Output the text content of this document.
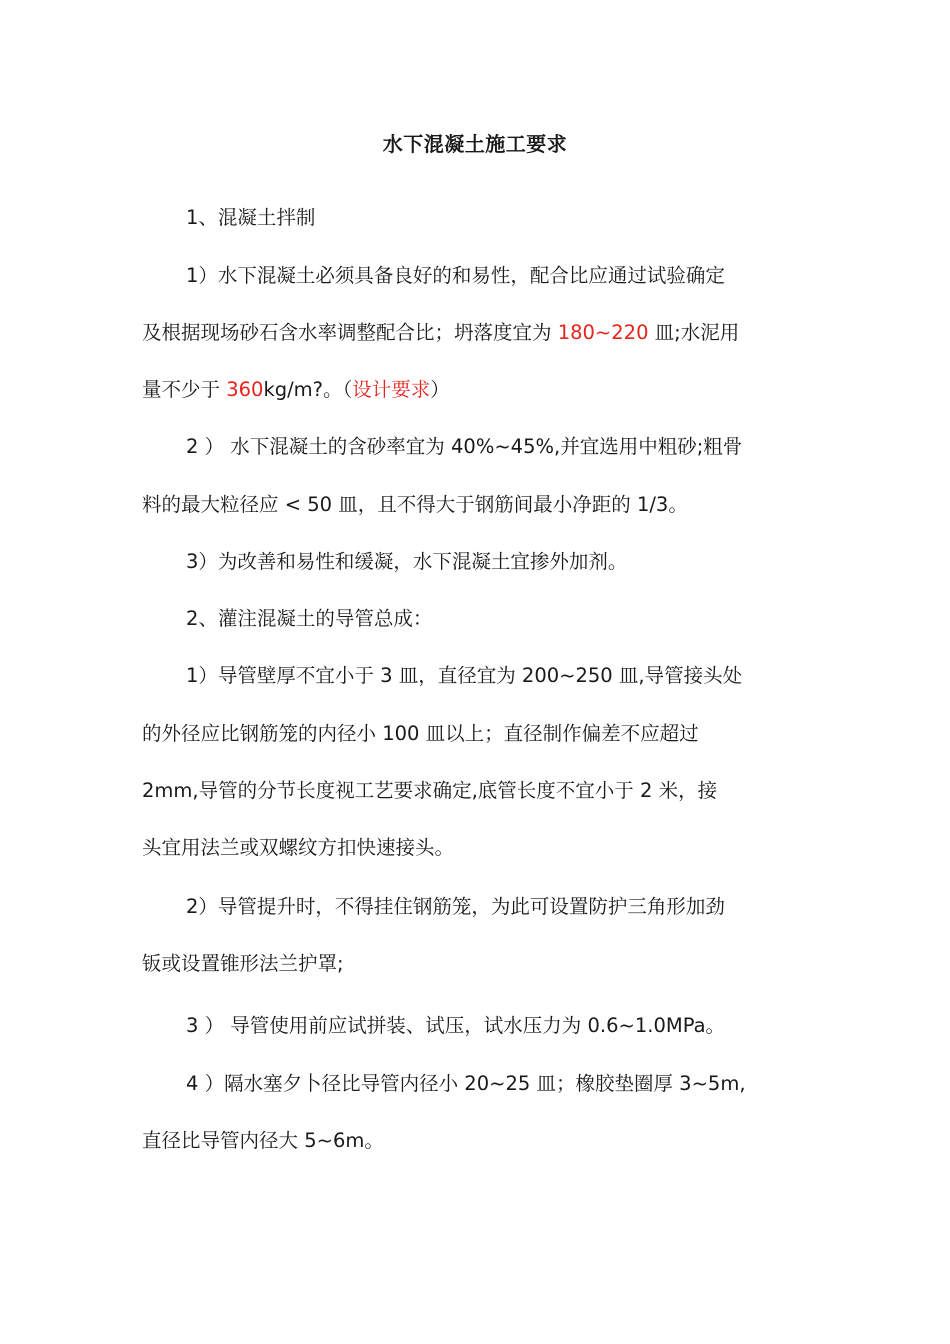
水下混凝土施工要求
1、混凝土拌制
1）水下混凝土必须具备良好的和易性，配合比应通过试验确定
及根据现场砂石含水率调整配合比；坍落度宜为 180~220 皿;水泥用
量不少于 360kg/m?。（设计要求）
2 ） 水下混凝土的含砂率宜为 40%~45%,并宜选用中粗砂;粗骨
料的最大粒径应 < 50 皿，且不得大于钢筋间最小净距的 1/3。
3）为改善和易性和缓凝，水下混凝土宜掺外加剂。
2、灌注混凝土的导管总成：
1）导管壁厚不宜小于 3 皿，直径宜为 200~250 皿,导管接头处
的外径应比钢筋笼的内径小 100 皿以上；直径制作偏差不应超过
2mm,导管的分节长度视工艺要求确定,底管长度不宜小于 2 米，接
头宜用法兰或双螺纹方扣快速接头。
2）导管提升时，不得挂住钢筋笼，为此可设置防护三角形加劲
钣或设置锥形法兰护罩;
3 ） 导管使用前应试拼装、试压，试水压力为 0.6~1.0MPa。
4 ）隔水塞夕卜径比导管内径小 20~25 皿；橡胶垫圈厚 3~5m,
直径比导管内径大 5~6m。
